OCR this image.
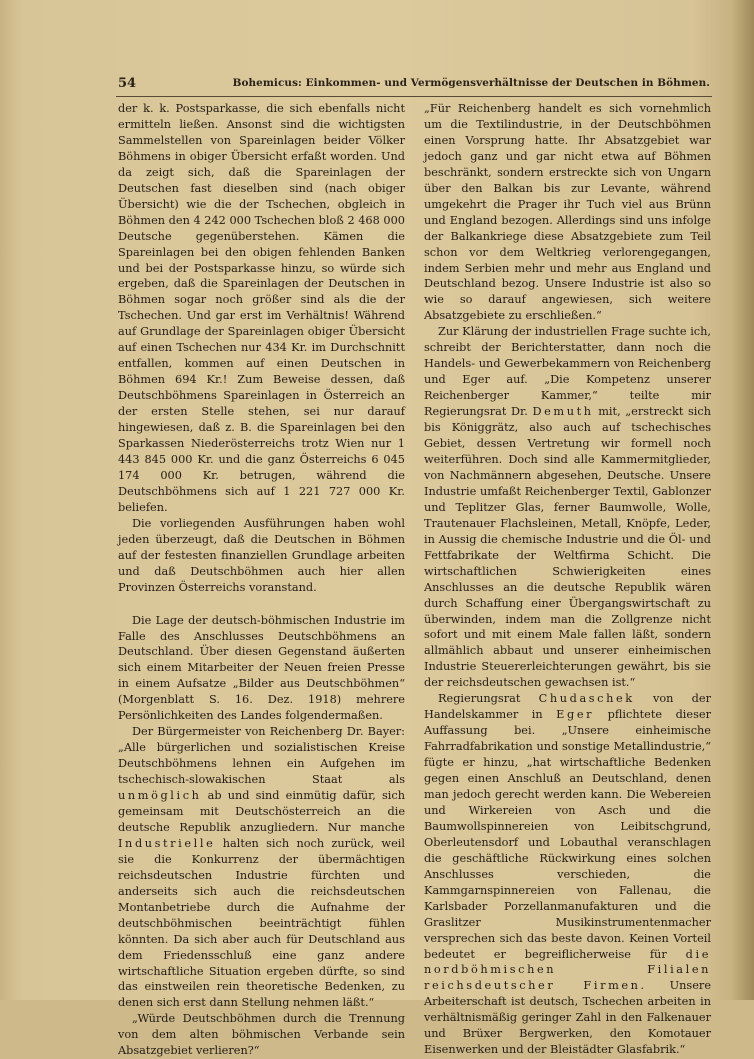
54	Bohemicus: Einkommen- und Vermögensverhältnisse der Deutschen in Böhmen.

der k. k. Postsparkasse, die sich ebenfalls nicht ermitteln ließen. Ansonst sind die wichtigsten Sammelstellen von Spareinlagen beider Völker Böhmens in obiger Übersicht erfaßt worden. Und da zeigt sich, daß die Spareinlagen der Deutschen fast dieselben sind (nach obiger Übersicht) wie die der Tschechen, obgleich in Böhmen den 4 242 000 Tschechen bloß 2 468 000 Deutsche gegenüberstehen. Kämen die Spareinlagen bei den obigen fehlenden Banken und bei der Postsparkasse hinzu, so würde sich ergeben, daß die Spareinlagen der Deutschen in Böhmen sogar noch größer sind als die der Tschechen. Und gar erst im Verhältnis! Während auf Grundlage der Spareinlagen obiger Übersicht auf einen Tschechen nur 434 Kr. im Durchschnitt entfallen, kommen auf einen Deutschen in Böhmen 694 Kr.! Zum Beweise dessen, daß Deutschböhmens Spareinlagen in Österreich an der ersten Stelle stehen, sei nur darauf hingewiesen, daß z. B. die Spareinlagen bei den Sparkassen Niederösterreichs trotz Wien nur 1 443 845 000 Kr. und die ganz Österreichs 6 045 174 000 Kr. betrugen, während die Deutschböhmens sich auf 1 221 727 000 Kr. beliefen.

Die vorliegenden Ausführungen haben wohl jeden überzeugt, daß die Deutschen in Böhmen auf der festesten finanziellen Grundlage arbeiten und daß Deutschböhmen auch hier allen Provinzen Österreichs voranstand.

Die Lage der deutsch-böhmischen Industrie im Falle des Anschlusses Deutschböhmens an Deutschland. Über diesen Gegenstand äußerten sich einem Mitarbeiter der Neuen freien Presse in einem Aufsatze „Bilder aus Deutschböhmen“ (Morgenblatt S. 16. Dez. 1918) mehrere Persönlichkeiten des Landes folgendermaßen.

Der Bürgermeister von Reichenberg Dr. Bayer: „Alle bürgerlichen und sozialistischen Kreise Deutschböhmens lehnen ein Aufgehen im tschechisch-slowakischen Staat als unmöglich ab und sind einmütig dafür, sich gemeinsam mit Deutschösterreich an die deutsche Republik anzugliedern. Nur manche Industrielle halten sich noch zurück, weil sie die Konkurrenz der übermächtigen reichsdeutschen Industrie fürchten und anderseits sich auch die reichsdeutschen Montanbetriebe durch die Aufnahme der deutschböhmischen beeinträchtigt fühlen könnten. Da sich aber auch für Deutschland aus dem Friedensschluß eine ganz andere wirtschaftliche Situation ergeben dürfte, so sind das einstweilen rein theoretische Bedenken, zu denen sich erst dann Stellung nehmen läßt.“

„Würde Deutschböhmen durch die Trennung von dem alten böhmischen Verbande sein Absatzgebiet verlieren?“

„Für Reichenberg handelt es sich vornehmlich um die Textilindustrie, in der Deutschböhmen einen Vorsprung hatte. Ihr Absatzgebiet war jedoch ganz und gar nicht etwa auf Böhmen beschränkt, sondern erstreckte sich von Ungarn über den Balkan bis zur Levante, während umgekehrt die Prager ihr Tuch viel aus Brünn und England bezogen. Allerdings sind uns infolge der Balkankriege diese Absatzgebiete zum Teil schon vor dem Weltkrieg verlorengegangen, indem Serbien mehr und mehr aus England und Deutschland bezog. Unsere Industrie ist also so wie so darauf angewiesen, sich weitere Absatzgebiete zu erschließen.“

Zur Klärung der industriellen Frage suchte ich, schreibt der Berichterstatter, dann noch die Handels- und Gewerbekammern von Reichenberg und Eger auf. „Die Kompetenz unserer Reichenberger Kammer,“ teilte mir Regierungsrat Dr. Demuth mit, „erstreckt sich bis Königgrätz, also auch auf tschechisches Gebiet, dessen Vertretung wir formell noch weiterführen. Doch sind alle Kammermitglieder, von Nachmännern abgesehen, Deutsche. Unsere Industrie umfaßt Reichenberger Textil, Gablonzer und Teplitzer Glas, ferner Baumwolle, Wolle, Trautenauer Flachsleinen, Metall, Knöpfe, Leder, in Aussig die chemische Industrie und die Öl- und Fettfabrikate der Weltfirma Schicht. Die wirtschaftlichen Schwierigkeiten eines Anschlusses an die deutsche Republik wären durch Schaffung einer Übergangswirtschaft zu überwinden, indem man die Zollgrenze nicht sofort und mit einem Male fallen läßt, sondern allmählich abbaut und unserer einheimischen Industrie Steuererleichterungen gewährt, bis sie der reichsdeutschen gewachsen ist.“

Regierungsrat Chudaschek von der Handelskammer in Eger pflichtete dieser Auffassung bei. „Unsere einheimische Fahrradfabrikation und sonstige Metallindustrie,“ fügte er hinzu, „hat wirtschaftliche Bedenken gegen einen Anschluß an Deutschland, denen man jedoch gerecht werden kann. Die Webereien und Wirkereien von Asch und die Baumwollspinnereien von Leibitschgrund, Oberleutensdorf und Lobauthal veranschlagen die geschäftliche Rückwirkung eines solchen Anschlusses verschieden, die Kammgarnspinnereien von Fallenau, die Karlsbader Porzellanmanufakturen und die Graslitzer Musikinstrumentenmacher versprechen sich das beste davon. Keinen Vorteil bedeutet er begreiflicherweise für die nordböhmischen Filialen reichsdeutscher Firmen. Unsere Arbeiterschaft ist deutsch, Tschechen arbeiten in verhältnismäßig geringer Zahl in den Falkenauer und Brüxer Bergwerken, den Komotauer Eisenwerken und der Bleistädter Glasfabrik.“
